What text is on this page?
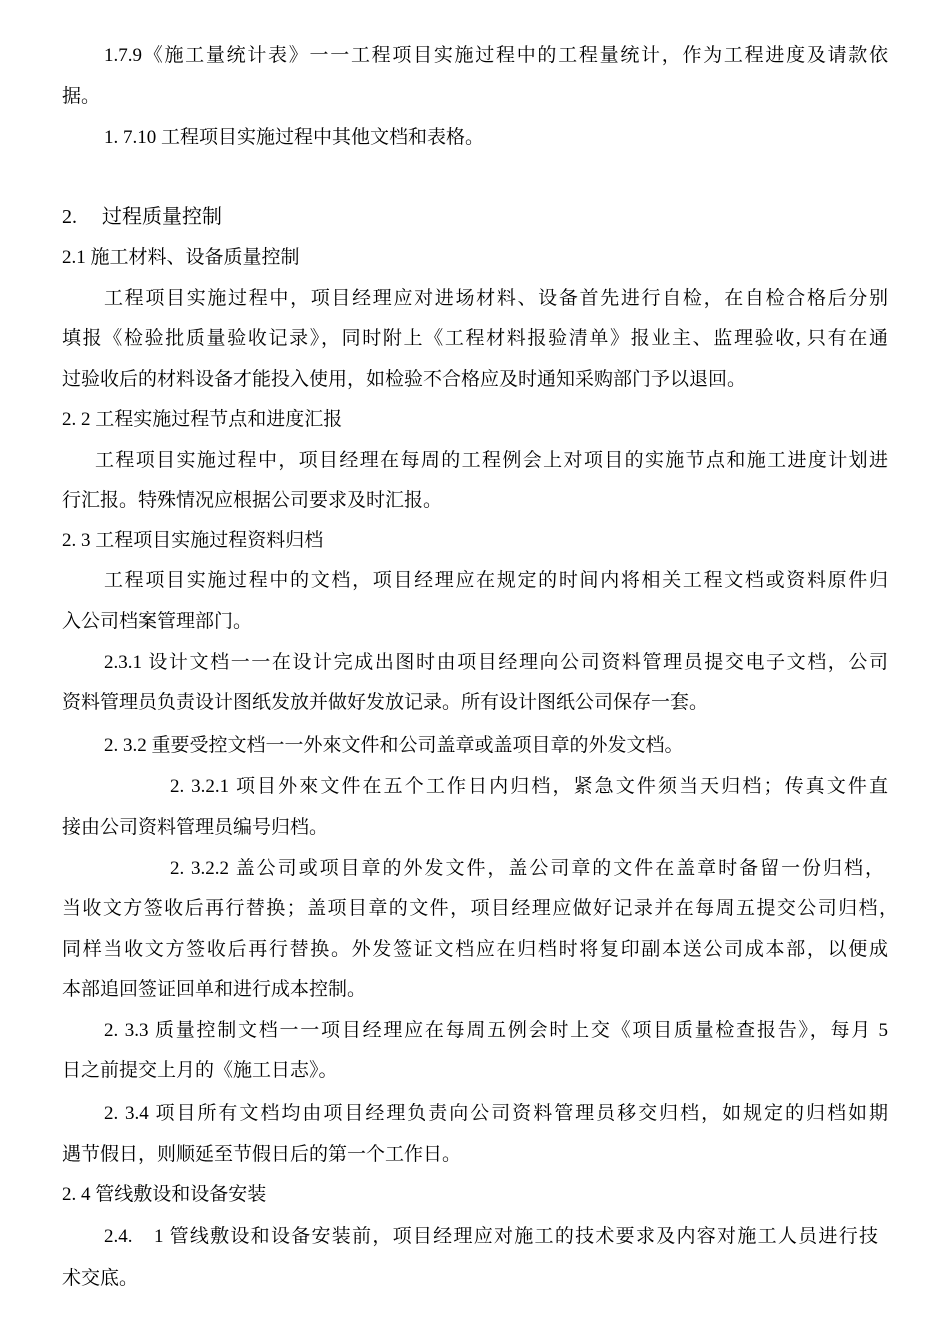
1.7.9《施工量统计表》一一工程项目实施过程中的工程量统计，作为工程进度及请款依

据。

1. 7.10 工程项目实施过程中其他文档和表格。

2.　 过程质量控制

2.1 施工材料、设备质量控制

工程项目实施过程中，项目经理应对进场材料、设备首先进行自检，在自检合格后分别

填报《检验批质量验收记录》，同时附上《工程材料报验清单》报业主、监理验收, 只有在通

过验收后的材料设备才能投入使用，如检验不合格应及时通知采购部门予以退回。

2. 2 工程实施过程节点和进度汇报

工程项目实施过程中，项目经理在每周的工程例会上对项目的实施节点和施工进度计划进

行汇报。特殊情况应根据公司要求及时汇报。

2. 3 工程项目实施过程资料归档

工程项目实施过程中的文档，项目经理应在规定的时间内将相关工程文档或资料原件归

入公司档案管理部门。

2.3.1 设计文档一一在设计完成出图时由项目经理向公司资料管理员提交电子文档，公司

资料管理员负责设计图纸发放并做好发放记录。所有设计图纸公司保存一套。

2. 3.2 重要受控文档一一外來文件和公司盖章或盖项目章的外发文档。

2. 3.2.1 项目外來文件在五个工作日内归档，紧急文件须当天归档；传真文件直

接由公司资料管理员编号归档。

2. 3.2.2 盖公司或项目章的外发文件，盖公司章的文件在盖章时备留一份归档，

当收文方签收后再行替换；盖项目章的文件，项目经理应做好记录并在每周五提交公司归档，

同样当收文方签收后再行替换。外发签证文档应在归档时将复印副本送公司成本部，以便成

本部追回签证回单和进行成本控制。

2. 3.3 质量控制文档一一项目经理应在每周五例会时上交《项目质量检查报告》，每月 5

日之前提交上月的《施工日志》。

2. 3.4 项目所有文档均由项目经理负责向公司资料管理员移交归档，如规定的归档如期

遇节假日，则顺延至节假日后的第一个工作日。

2. 4 管线敷设和设备安装

2.4.　1 管线敷设和设备安装前，项目经理应对施工的技术要求及内容对施工人员进行技

术交底。
